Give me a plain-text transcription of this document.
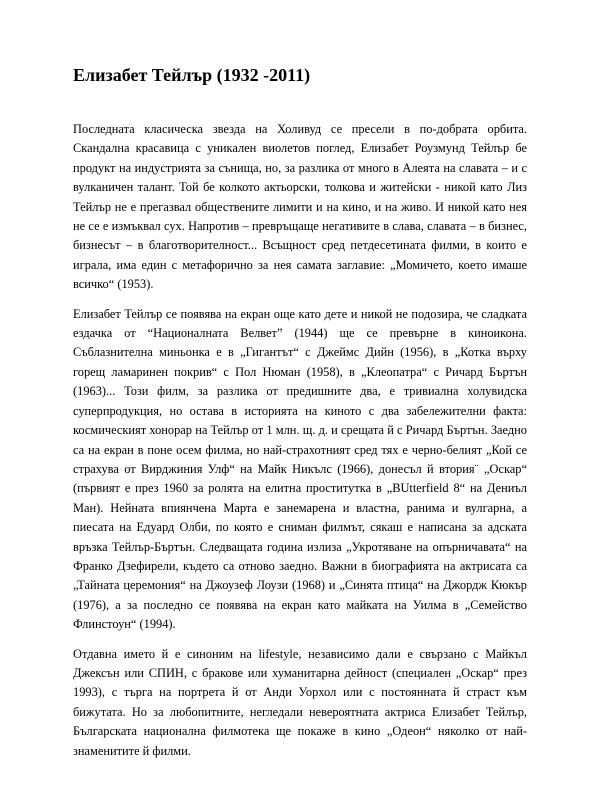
Елизабет Тейлър (1932 -2011)

Последната класическа звезда на Холивуд се пресели в по-добрата орбита. Скандална красавица с уникален виолетов поглед, Елизабет Роузмунд Тейлър бе продукт на индустрията за сънища, но, за разлика от много в Алеята на славата – и с вулканичен талант. Той бе колкото актьорски, толкова и житейски - никой като Лиз Тейлър не е прегазвал обществените лимити и на кино, и на живо. И никой като нея не се е измъквал сух. Напротив – превръщаще негативите в слава, славата – в бизнес, бизнесът – в благотворителност... Всъщност сред петдесетината филми, в които е играла, има един с метафорично за нея самата заглавие: „Момичето, което имаше всичко“ (1953).

Елизабет Тейлър се появява на екран още като дете и никой не подозира, че сладката ездачка от “Националната Велвет” (1944) ще се превърне в киноикона. Съблазнителна миньонка е в „Гигантът“ с Джеймс Дийн (1956), в „Котка върху горещ ламаринен покрив“ с Пол Нюман (1958), в „Клеопатра“ с Ричард Бъртън (1963)... Този филм, за разлика от предишните два, е тривиална холувидска суперпродукция, но остава в историята на киното с два забележителни факта: космическият хонорар на Тейлър от 1 млн. щ. д. и срещата й с Ричард Бъртън. Заедно са на екран в поне осем филма, но най-страхотният сред тях е черно-белият „Кой се страхува от Вирджиния Улф“ на Майк Никълс (1966), донесъл й втория¨ „Оскар“ (първият е през 1960 за ролята на елитна проститутка в „BUtterfield 8“ на Дениъл Ман). Нейната впиянчена Марта е занемарена и властна, ранима и вулгарна, а пиесата на Едуард Олби, по която е сниман филмът, сякаш е написана за адската връзка Тейлър-Бъртън. Следващата година излиза „Укротяване на опърничавата“ на Франко Дзефирели, където са отново заедно. Важни в биографията на актрисата са „Тайната церемония“ на Джоузеф Лоузи (1968) и „Синята птица“ на Джордж Кюкър (1976), а за последно се появява на екран като майката на Уилма в „Семейство Флинстоун“ (1994).

Отдавна името й е синоним на lifestyle, независимо дали е свързано с Майкъл Джексън или СПИН, с бракове или хуманитарна дейност (специален „Оскар“ през 1993), с търга на портрета й от Анди Уорхол или с постоянната й страст към бижутата. Но за любопитните, негледали невероятната актриса Елизабет Тейлър, Българската национална филмотека ще покаже в кино „Одеон“ няколко от най-знаменитите й филми.
